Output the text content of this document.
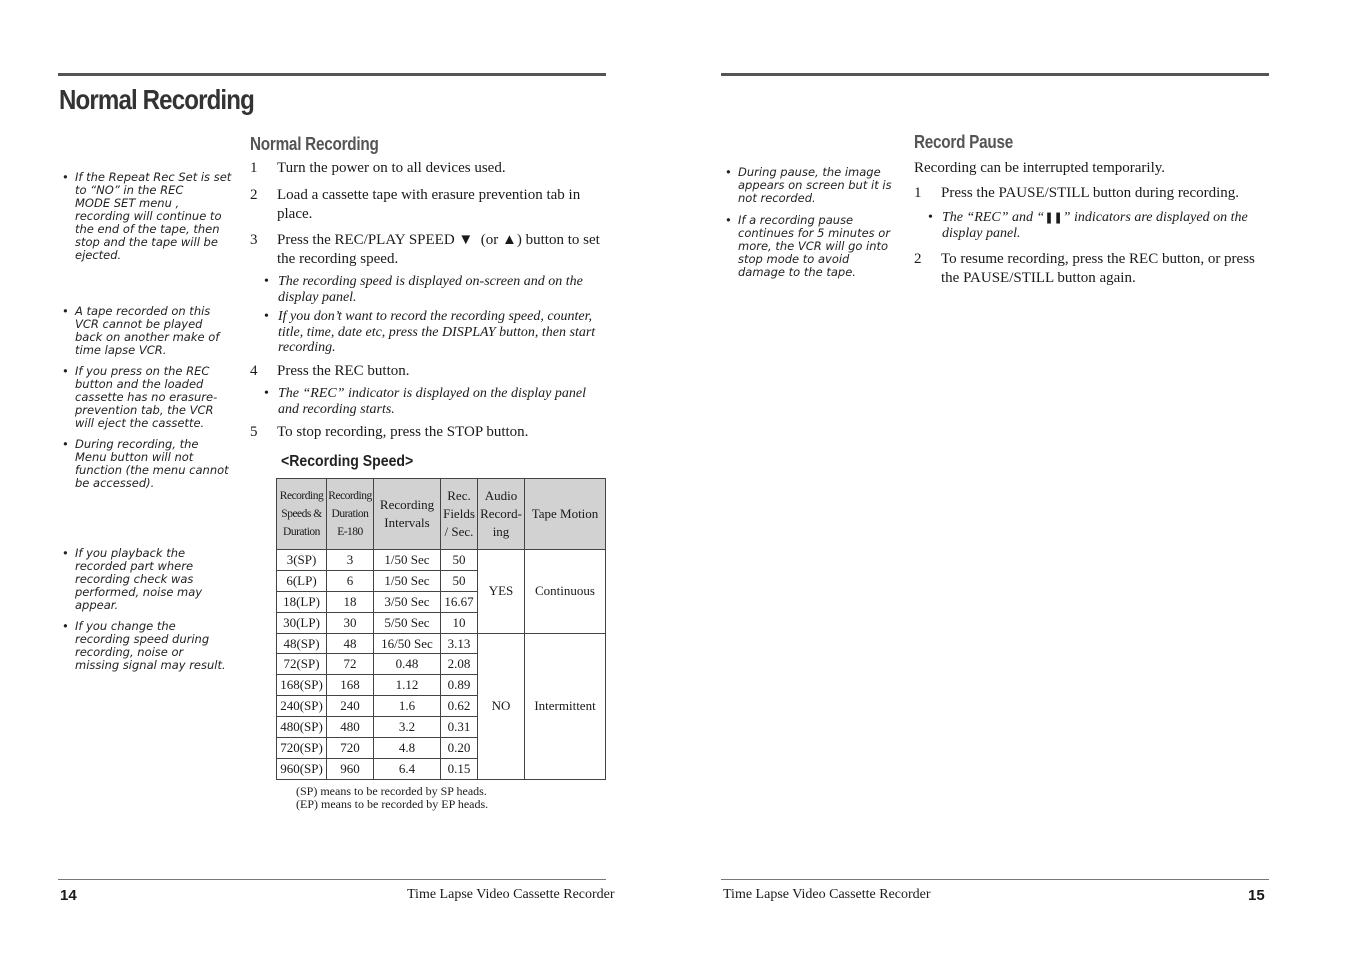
Normal Recording
Normal Recording
• If the Repeat Rec Set is set
to “NO” in the REC
MODE SET menu ,
recording will continue to
the end of the tape, then
stop and the tape will be
ejected.
• A tape recorded on this
VCR cannot be played
back on another make of
time lapse VCR.
• If you press on the REC
button and the loaded
cassette has no erasure-
prevention tab, the VCR
will eject the cassette.
• During recording, the
Menu button will not
function (the menu cannot
be accessed).
• If you playback the
recorded part where
recording check was
performed, noise may
appear.
• If you change the
recording speed during
recording, noise or
missing signal may result.
1	Turn the power on to all devices used.
2	Load a cassette tape with erasure prevention tab in place.
3	Press the REC/PLAY SPEED ▼ (or ▲) button to set the recording speed.
• The recording speed is displayed on-screen and on the display panel.
• If you don’t want to record the recording speed, counter, title, time, date etc, press the DISPLAY button, then start recording.
4	Press the REC button.
• The “REC” indicator is displayed on the display panel and recording starts.
5	To stop recording, press the STOP button.
<Recording Speed>
Recording
Speeds &
Duration	Recording
Duration
E-180	Recording
Intervals	Rec.
Fields
/ Sec.	Audio
Record-
ing	Tape Motion
3(SP)	3	1/50 Sec	50	YES	Continuous
6(LP)	6	1/50 Sec	50		
18(LP)	18	3/50 Sec	16.67		
30(LP)	30	5/50 Sec	10		
48(SP)	48	16/50 Sec	3.13	NO	Intermittent
72(SP)	72	0.48	2.08		
168(SP)	168	1.12	0.89		
240(SP)	240	1.6	0.62		
480(SP)	480	3.2	0.31		
720(SP)	720	4.8	0.20		
960(SP)	960	6.4	0.15		
(SP) means to be recorded by SP heads.
(EP) means to be recorded by EP heads.
14	Time Lapse Video Cassette Recorder
Record Pause
• During pause, the image
appears on screen but it is
not recorded.
• If a recording pause
continues for 5 minutes or
more, the VCR will go into
stop mode to avoid
damage to the tape.

Recording can be interrupted temporarily.

1	Press the PAUSE/STILL button during recording.
• The “REC” and “❚❚” indicators are displayed on the display panel.
2	To resume recording, press the REC button, or press the PAUSE/STILL button again.
Time Lapse Video Cassette Recorder	15
